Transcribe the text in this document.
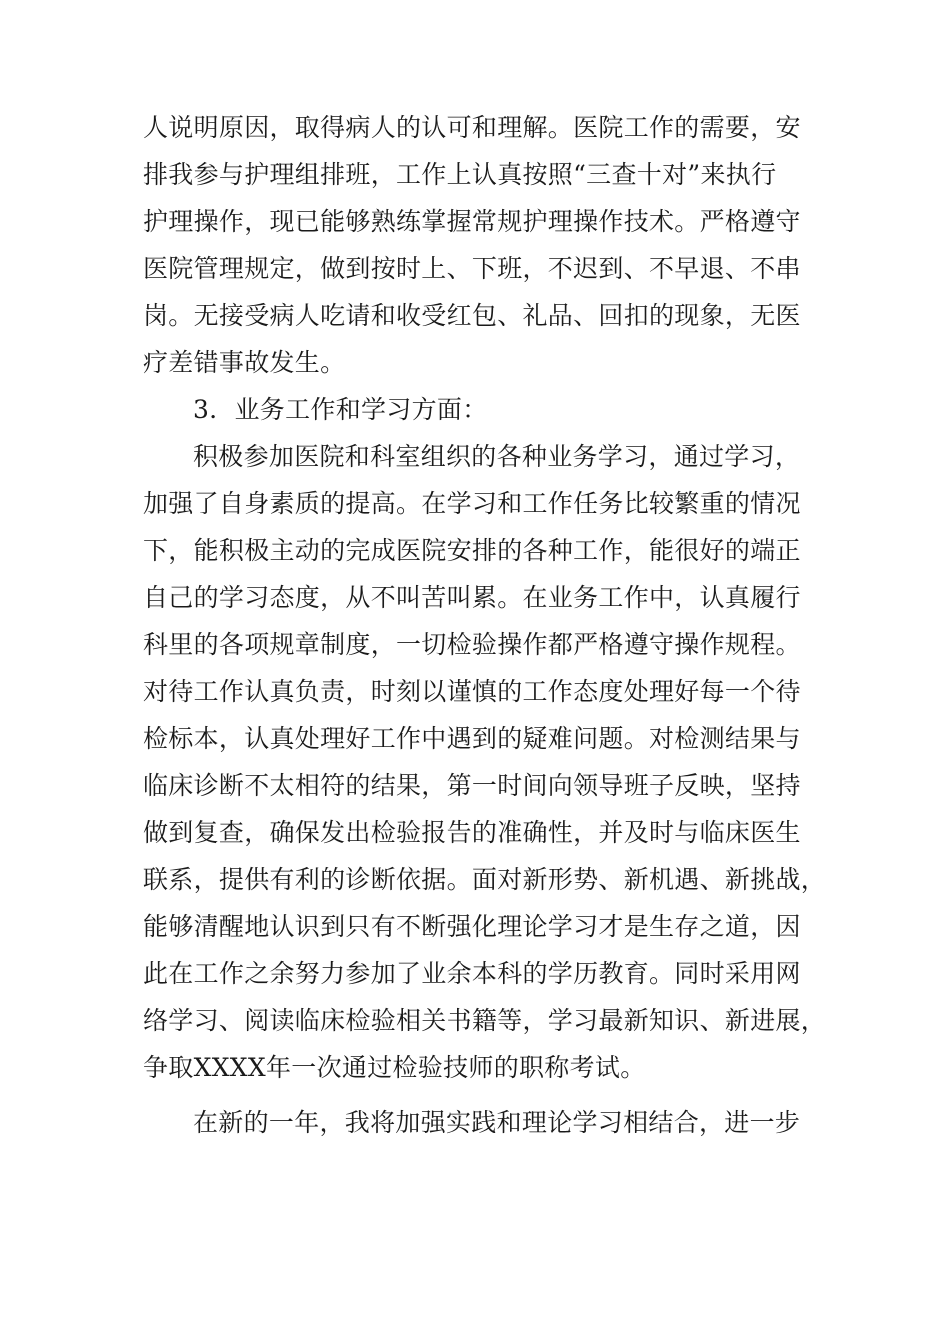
人说明原因，取得病人的认可和理解。医院工作的需要，安
排我参与护理组排班，工作上认真按照“三查十对”来执行
护理操作，现已能够熟练掌握常规护理操作技术。严格遵守
医院管理规定，做到按时上、下班，不迟到、不早退、不串
岗。无接受病人吃请和收受红包、礼品、回扣的现象，无医
疗差错事故发生。
3．业务工作和学习方面：
积极参加医院和科室组织的各种业务学习，通过学习，
加强了自身素质的提高。在学习和工作任务比较繁重的情况
下，能积极主动的完成医院安排的各种工作，能很好的端正
自己的学习态度，从不叫苦叫累。在业务工作中，认真履行
科里的各项规章制度，一切检验操作都严格遵守操作规程。
对待工作认真负责，时刻以谨慎的工作态度处理好每一个待
检标本，认真处理好工作中遇到的疑难问题。对检测结果与
临床诊断不太相符的结果，第一时间向领导班子反映，坚持
做到复查，确保发出检验报告的准确性，并及时与临床医生
联系，提供有利的诊断依据。面对新形势、新机遇、新挑战，
能够清醒地认识到只有不断强化理论学习才是生存之道，因
此在工作之余努力参加了业余本科的学历教育。同时采用网
络学习、阅读临床检验相关书籍等，学习最新知识、新进展，
争取XXXX年一次通过检验技师的职称考试。
在新的一年，我将加强实践和理论学习相结合，进一步
